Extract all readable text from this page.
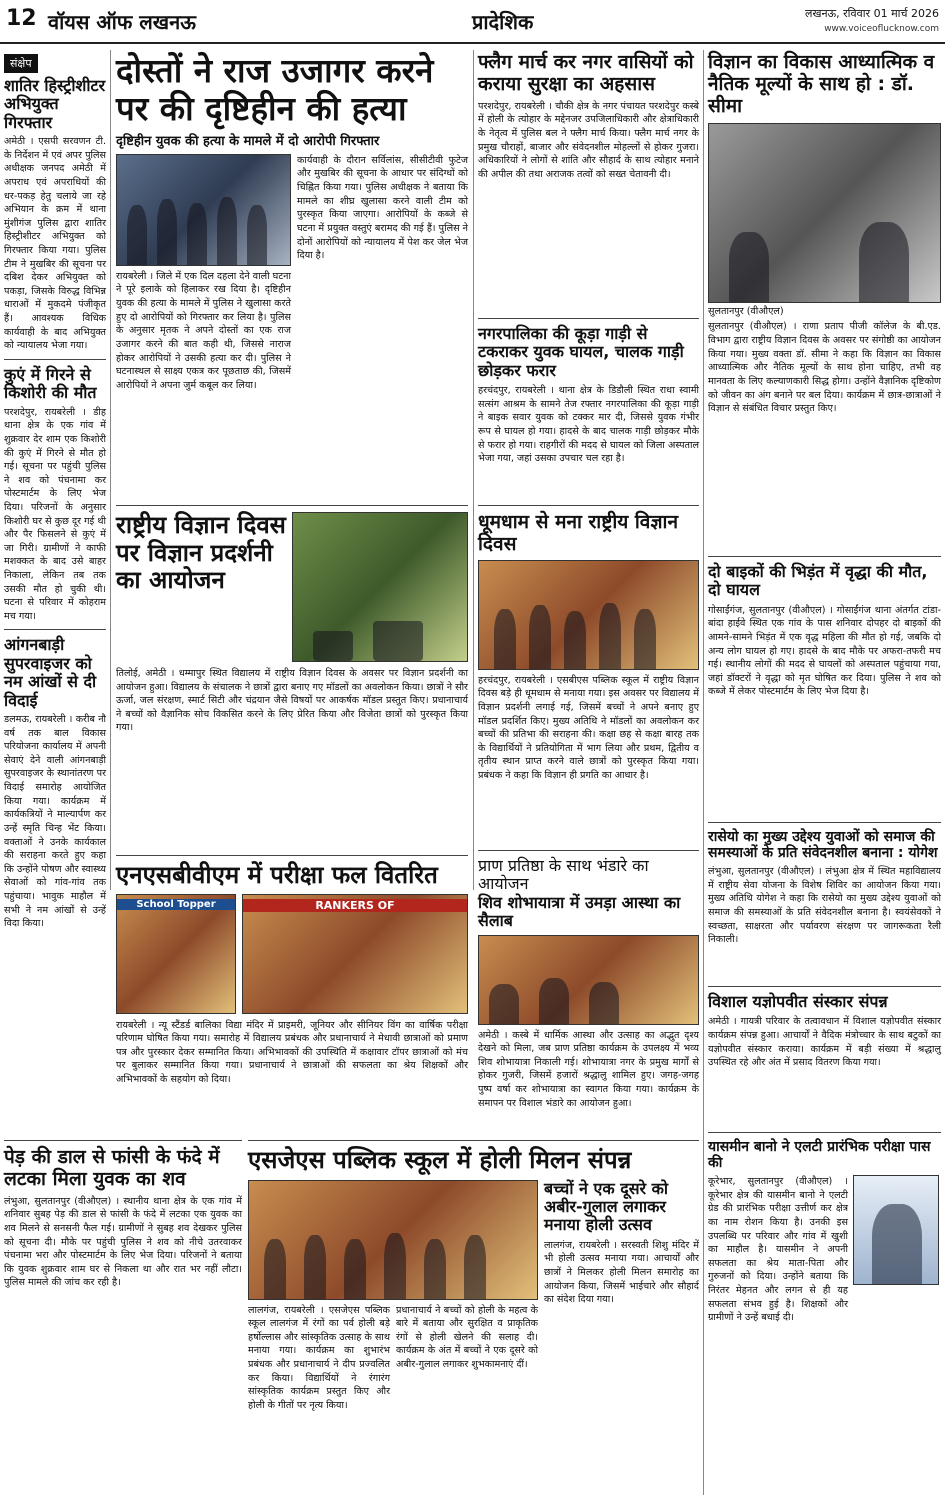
12 वॉयस ऑफ लखनऊ	प्रादेशिक	लखनऊ, रविवार 01 मार्च 2026
www.voiceoflucknow.com
संक्षेप
शातिर हिस्ट्रीशीटर अभियुक्त गिरफ्तार

अमेठी । एसपी सरवणन टी. के निर्देशन में एवं अपर पुलिस अधीक्षक जनपद अमेठी में अपराध एवं अपराधियों की धर-पकड़ हेतु चलाये जा रहे अभियान के क्रम में थाना मुंशीगंज पुलिस द्वारा शातिर हिस्ट्रीशीटर अभियुक्त को गिरफ्तार किया गया। पुलिस टीम ने मुखबिर की सूचना पर दबिश देकर अभियुक्त को पकड़ा, जिसके विरुद्ध विभिन्न धाराओं में मुकदमे पंजीकृत हैं। आवश्यक विधिक कार्यवाही के बाद अभियुक्त को न्यायालय भेजा गया।

कुएं में गिरने से किशोरी की मौत

परशदेपुर, रायबरेली । डीह थाना क्षेत्र के एक गांव में शुक्रवार देर शाम एक किशोरी की कुएं में गिरने से मौत हो गई। सूचना पर पहुंची पुलिस ने शव को पंचनामा कर पोस्टमार्टम के लिए भेज दिया। परिजनों के अनुसार किशोरी घर से कुछ दूर गई थी और पैर फिसलने से कुएं में जा गिरी। ग्रामीणों ने काफी मशक्कत के बाद उसे बाहर निकाला, लेकिन तब तक उसकी मौत हो चुकी थी। घटना से परिवार में कोहराम मच गया।

आंगनबाड़ी सुपरवाइजर को नम आंखों से दी विदाई

डलमऊ, रायबरेली । करीब नौ वर्ष तक बाल विकास परियोजना कार्यालय में अपनी सेवाएं देने वाली आंगनबाड़ी सुपरवाइजर के स्थानांतरण पर विदाई समारोह आयोजित किया गया। कार्यक्रम में कार्यकत्रियों ने माल्यार्पण कर उन्हें स्मृति चिन्ह भेंट किया। वक्ताओं ने उनके कार्यकाल की सराहना करते हुए कहा कि उन्होंने पोषण और स्वास्थ्य सेवाओं को गांव-गांव तक पहुंचाया। भावुक माहौल में सभी ने नम आंखों से उन्हें विदा किया।

दोस्तों ने राज उजागर करने पर की दृष्टिहीन की हत्या
दृष्टिहीन युवक की हत्या के मामले में दो आरोपी गिरफ्तार

रायबरेली । जिले में एक दिल दहला देने वाली घटना ने पूरे इलाके को हिलाकर रख दिया है। दृष्टिहीन युवक की हत्या के मामले में पुलिस ने खुलासा करते हुए दो आरोपियों को गिरफ्तार कर लिया है। पुलिस के अनुसार मृतक ने अपने दोस्तों का एक राज उजागर करने की बात कही थी, जिससे नाराज होकर आरोपियों ने उसकी हत्या कर दी। पुलिस ने घटनास्थल से साक्ष्य एकत्र कर पूछताछ की, जिसमें आरोपियों ने अपना जुर्म कबूल कर लिया।

कार्यवाही के दौरान सर्विलांस, सीसीटीवी फुटेज और मुखबिर की सूचना के आधार पर संदिग्धों को चिह्नित किया गया। पुलिस अधीक्षक ने बताया कि मामले का शीघ्र खुलासा करने वाली टीम को पुरस्कृत किया जाएगा। आरोपियों के कब्जे से घटना में प्रयुक्त वस्तुएं बरामद की गई हैं। पुलिस ने दोनों आरोपियों को न्यायालय में पेश कर जेल भेज दिया है।

राष्ट्रीय विज्ञान दिवस पर विज्ञान प्रदर्शनी का आयोजन

तिलोई, अमेठी । धम्मापुर स्थित विद्यालय में राष्ट्रीय विज्ञान दिवस के अवसर पर विज्ञान प्रदर्शनी का आयोजन हुआ। विद्यालय के संचालक ने छात्रों द्वारा बनाए गए मॉडलों का अवलोकन किया। छात्रों ने सौर ऊर्जा, जल संरक्षण, स्मार्ट सिटी और चंद्रयान जैसे विषयों पर आकर्षक मॉडल प्रस्तुत किए। प्रधानाचार्य ने बच्चों को वैज्ञानिक सोच विकसित करने के लिए प्रेरित किया और विजेता छात्रों को पुरस्कृत किया गया।

एनएसबीवीएम में परीक्षा फल वितरित
School Topper	RANKERS OF

रायबरेली । न्यू स्टैंडर्ड बालिका विद्या मंदिर में प्राइमरी, जूनियर और सीनियर विंग का वार्षिक परीक्षा परिणाम घोषित किया गया। समारोह में विद्यालय प्रबंधक और प्रधानाचार्य ने मेधावी छात्राओं को प्रमाण पत्र और पुरस्कार देकर सम्मानित किया। अभिभावकों की उपस्थिति में कक्षावार टॉपर छात्राओं को मंच पर बुलाकर सम्मानित किया गया। प्रधानाचार्य ने छात्राओं की सफलता का श्रेय शिक्षकों और अभिभावकों के सहयोग को दिया।

पेड़ की डाल से फांसी के फंदे में लटका मिला युवक का शव

लंभुआ, सुलतानपुर (वीऔएल) । स्थानीय थाना क्षेत्र के एक गांव में शनिवार सुबह पेड़ की डाल से फांसी के फंदे में लटका एक युवक का शव मिलने से सनसनी फैल गई। ग्रामीणों ने सुबह शव देखकर पुलिस को सूचना दी। मौके पर पहुंची पुलिस ने शव को नीचे उतरवाकर पंचनामा भरा और पोस्टमार्टम के लिए भेज दिया। परिजनों ने बताया कि युवक शुक्रवार शाम घर से निकला था और रात भर नहीं लौटा। पुलिस मामले की जांच कर रही है।

फ्लैग मार्च कर नगर वासियों को कराया सुरक्षा का अहसास

परशदेपुर, रायबरेली । चौकी क्षेत्र के नगर पंचायत परशदेपुर कस्बे में होली के त्योहार के मद्देनजर उपजिलाधिकारी और क्षेत्राधिकारी के नेतृत्व में पुलिस बल ने फ्लैग मार्च किया। फ्लैग मार्च नगर के प्रमुख चौराहों, बाजार और संवेदनशील मोहल्लों से होकर गुजरा। अधिकारियों ने लोगों से शांति और सौहार्द के साथ त्योहार मनाने की अपील की तथा अराजक तत्वों को सख्त चेतावनी दी।

नगरपालिका की कूड़ा गाड़ी से टकराकर युवक घायल, चालक गाड़ी छोड़कर फरार

हरचंदपुर, रायबरेली । थाना क्षेत्र के डिडौली स्थित राधा स्वामी सत्संग आश्रम के सामने तेज रफ्तार नगरपालिका की कूड़ा गाड़ी ने बाइक सवार युवक को टक्कर मार दी, जिससे युवक गंभीर रूप से घायल हो गया। हादसे के बाद चालक गाड़ी छोड़कर मौके से फरार हो गया। राहगीरों की मदद से घायल को जिला अस्पताल भेजा गया, जहां उसका उपचार चल रहा है।

धूमधाम से मना राष्ट्रीय विज्ञान दिवस

हरचंदपुर, रायबरेली । एसबीएस पब्लिक स्कूल में राष्ट्रीय विज्ञान दिवस बड़े ही धूमधाम से मनाया गया। इस अवसर पर विद्यालय में विज्ञान प्रदर्शनी लगाई गई, जिसमें बच्चों ने अपने बनाए हुए मॉडल प्रदर्शित किए। मुख्य अतिथि ने मॉडलों का अवलोकन कर बच्चों की प्रतिभा की सराहना की। कक्षा छह से कक्षा बारह तक के विद्यार्थियों ने प्रतियोगिता में भाग लिया और प्रथम, द्वितीय व तृतीय स्थान प्राप्त करने वाले छात्रों को पुरस्कृत किया गया। प्रबंधक ने कहा कि विज्ञान ही प्रगति का आधार है।

प्राण प्रतिष्ठा के साथ भंडारे का आयोजन
शिव शोभायात्रा में उमड़ा आस्था का सैलाब

अमेठी । कस्बे में धार्मिक आस्था और उत्साह का अद्भुत दृश्य देखने को मिला, जब प्राण प्रतिष्ठा कार्यक्रम के उपलक्ष्य में भव्य शिव शोभायात्रा निकाली गई। शोभायात्रा नगर के प्रमुख मार्गों से होकर गुजरी, जिसमें हजारों श्रद्धालु शामिल हुए। जगह-जगह पुष्प वर्षा कर शोभायात्रा का स्वागत किया गया। कार्यक्रम के समापन पर विशाल भंडारे का आयोजन हुआ।

एसजेएस पब्लिक स्कूल में होली मिलन संपन्न

लालगंज, रायबरेली । एसजेएस पब्लिक स्कूल लालगंज में रंगों का पर्व होली बड़े हर्षोल्लास और सांस्कृतिक उत्साह के साथ मनाया गया। कार्यक्रम का शुभारंभ प्रबंधक और प्रधानाचार्य ने दीप प्रज्वलित कर किया। विद्यार्थियों ने रंगारंग सांस्कृतिक कार्यक्रम प्रस्तुत किए और होली के गीतों पर नृत्य किया।

प्रधानाचार्य ने बच्चों को होली के महत्व के बारे में बताया और सुरक्षित व प्राकृतिक रंगों से होली खेलने की सलाह दी। कार्यक्रम के अंत में बच्चों ने एक दूसरे को अबीर-गुलाल लगाकर शुभकामनाएं दीं।

बच्चों ने एक दूसरे को अबीर-गुलाल लगाकर मनाया होली उत्सव

लालगंज, रायबरेली । सरस्वती शिशु मंदिर में भी होली उत्सव मनाया गया। आचार्यों और छात्रों ने मिलकर होली मिलन समारोह का आयोजन किया, जिसमें भाईचारे और सौहार्द का संदेश दिया गया।

विज्ञान का विकास आध्यात्मिक व नैतिक मूल्यों के साथ हो : डॉ. सीमा
सुलतानपुर (वीऔएल)

सुलतानपुर (वीऔएल) । राणा प्रताप पीजी कॉलेज के बी.एड. विभाग द्वारा राष्ट्रीय विज्ञान दिवस के अवसर पर संगोष्ठी का आयोजन किया गया। मुख्य वक्ता डॉ. सीमा ने कहा कि विज्ञान का विकास आध्यात्मिक और नैतिक मूल्यों के साथ होना चाहिए, तभी वह मानवता के लिए कल्याणकारी सिद्ध होगा। उन्होंने वैज्ञानिक दृष्टिकोण को जीवन का अंग बनाने पर बल दिया। कार्यक्रम में छात्र-छात्राओं ने विज्ञान से संबंधित विचार प्रस्तुत किए।

दो बाइकों की भिड़ंत में वृद्धा की मौत, दो घायल

गोसाईंगंज, सुलतानपुर (वीऔएल) । गोसाईंगंज थाना अंतर्गत टांडा-बांदा हाईवे स्थित एक गांव के पास शनिवार दोपहर दो बाइकों की आमने-सामने भिड़ंत में एक वृद्ध महिला की मौत हो गई, जबकि दो अन्य लोग घायल हो गए। हादसे के बाद मौके पर अफरा-तफरी मच गई। स्थानीय लोगों की मदद से घायलों को अस्पताल पहुंचाया गया, जहां डॉक्टरों ने वृद्धा को मृत घोषित कर दिया। पुलिस ने शव को कब्जे में लेकर पोस्टमार्टम के लिए भेज दिया है।

रासेयो का मुख्य उद्देश्य युवाओं को समाज की समस्याओं के प्रति संवेदनशील बनाना : योगेश

लंभुआ, सुलतानपुर (वीऔएल) । लंभुआ क्षेत्र में स्थित महाविद्यालय में राष्ट्रीय सेवा योजना के विशेष शिविर का आयोजन किया गया। मुख्य अतिथि योगेश ने कहा कि रासेयो का मुख्य उद्देश्य युवाओं को समाज की समस्याओं के प्रति संवेदनशील बनाना है। स्वयंसेवकों ने स्वच्छता, साक्षरता और पर्यावरण संरक्षण पर जागरूकता रैली निकाली।

विशाल यज्ञोपवीत संस्कार संपन्न

अमेठी । गायत्री परिवार के तत्वावधान में विशाल यज्ञोपवीत संस्कार कार्यक्रम संपन्न हुआ। आचार्यों ने वैदिक मंत्रोच्चार के साथ बटुकों का यज्ञोपवीत संस्कार कराया। कार्यक्रम में बड़ी संख्या में श्रद्धालु उपस्थित रहे और अंत में प्रसाद वितरण किया गया।

यासमीन बानो ने एलटी प्रारंभिक परीक्षा पास की

कूरेभार, सुलतानपुर (वीऔएल) । कूरेभार क्षेत्र की यासमीन बानो ने एलटी ग्रेड की प्रारंभिक परीक्षा उत्तीर्ण कर क्षेत्र का नाम रोशन किया है। उनकी इस उपलब्धि पर परिवार और गांव में खुशी का माहौल है। यासमीन ने अपनी सफलता का श्रेय माता-पिता और गुरुजनों को दिया। उन्होंने बताया कि निरंतर मेहनत और लगन से ही यह सफलता संभव हुई है। शिक्षकों और ग्रामीणों ने उन्हें बधाई दी।
